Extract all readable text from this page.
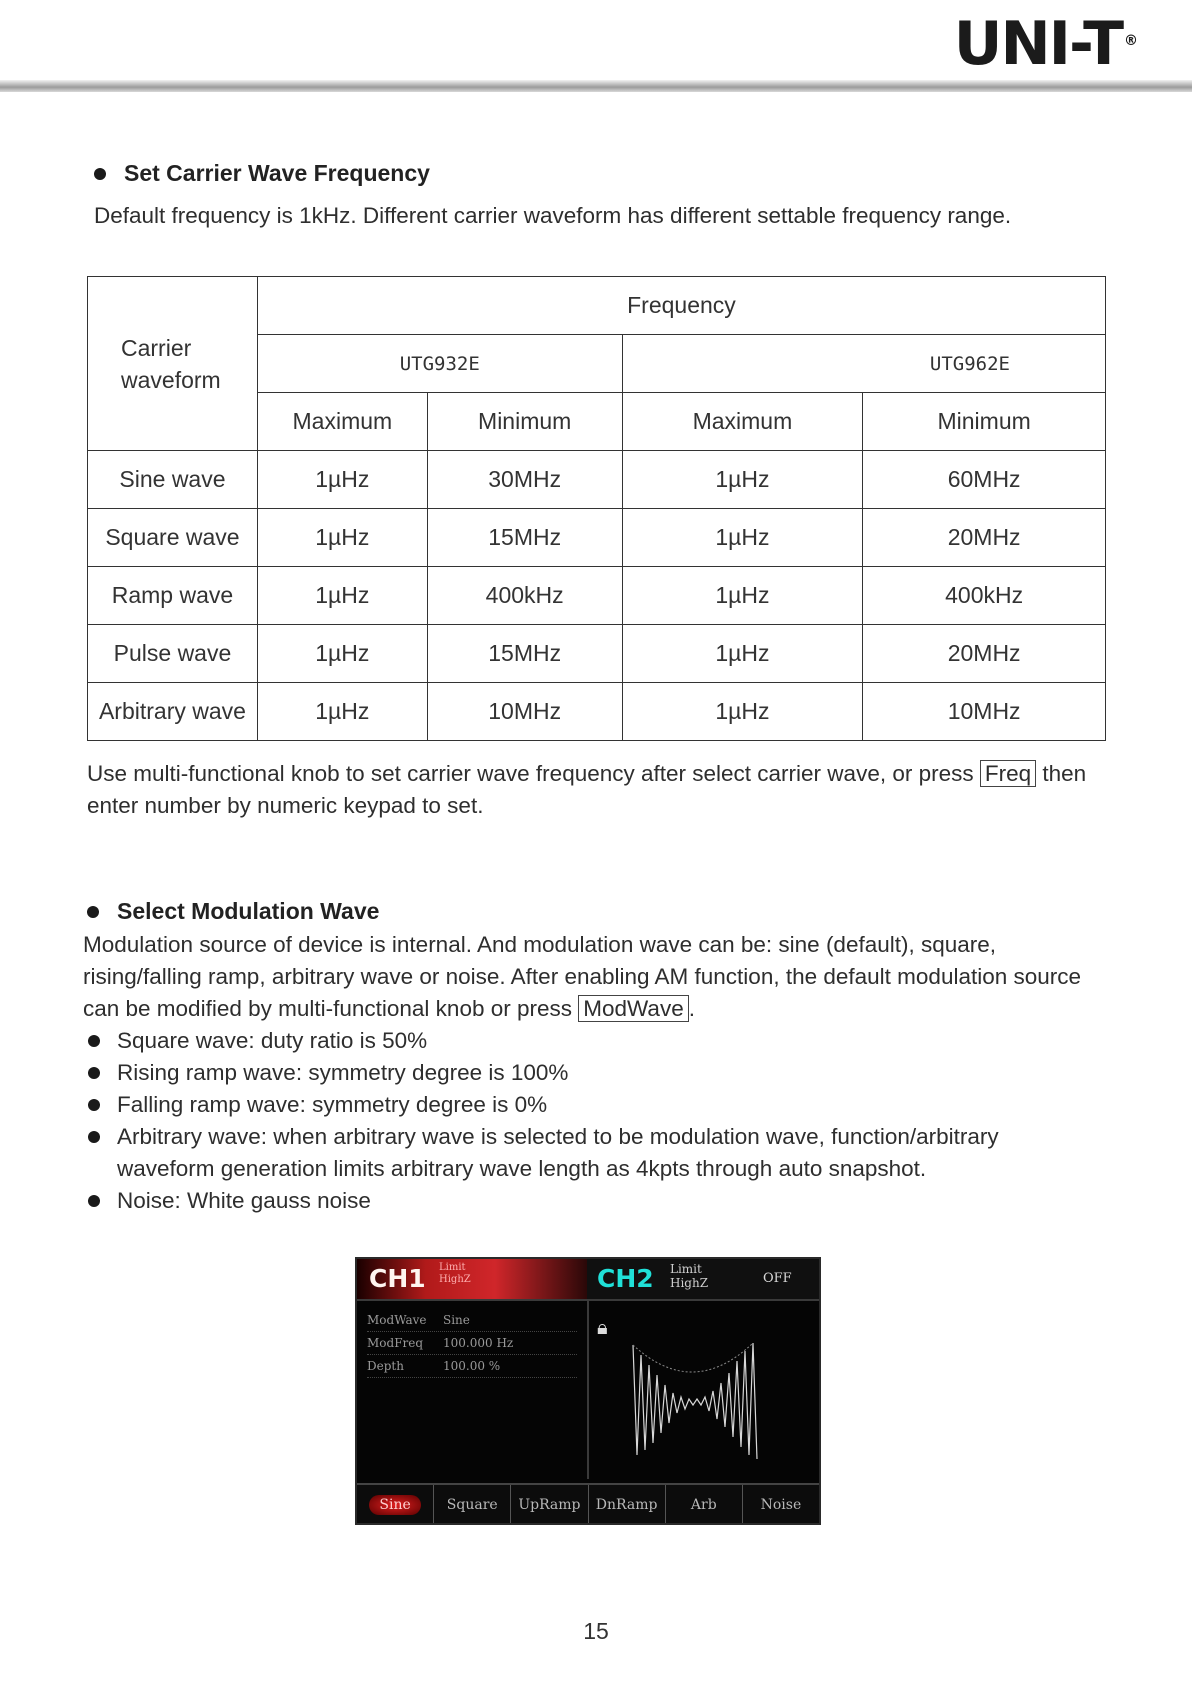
UNI-T ®
Set Carrier Wave Frequency
Default frequency is 1kHz. Different carrier waveform has different settable frequency range.
Carrier waveform	Frequency			
	UTG932E		UTG962E	
	Maximum	Minimum	Maximum	Minimum
Sine wave	1µHz	30MHz	1µHz	60MHz
Square wave	1µHz	15MHz	1µHz	20MHz
Ramp wave	1µHz	400kHz	1µHz	400kHz
Pulse wave	1µHz	15MHz	1µHz	20MHz
Arbitrary wave	1µHz	10MHz	1µHz	10MHz
Use multi-functional knob to set carrier wave frequency after select carrier wave, or press Freq then enter number by numeric keypad to set.
Select Modulation Wave
Modulation source of device is internal. And modulation wave can be: sine (default), square, rising/falling ramp, arbitrary wave or noise. After enabling AM function, the default modulation source can be modified by multi-functional knob or press ModWave .
Square wave: duty ratio is 50%
Rising ramp wave: symmetry degree is 100%
Falling ramp wave: symmetry degree is 0%
Arbitrary wave: when arbitrary wave is selected to be modulation wave, function/arbitrary waveform generation limits arbitrary wave length as 4kpts through auto snapshot.
Noise: White gauss noise
CH1 Limit
HighZ	CH2 Limit
HighZ	OFF
ModWave	Sine
ModFreq	100.000 Hz
Depth	100.00 %
🔒︎
Sine	Square	UpRamp	DnRamp	Arb	Noise
15
